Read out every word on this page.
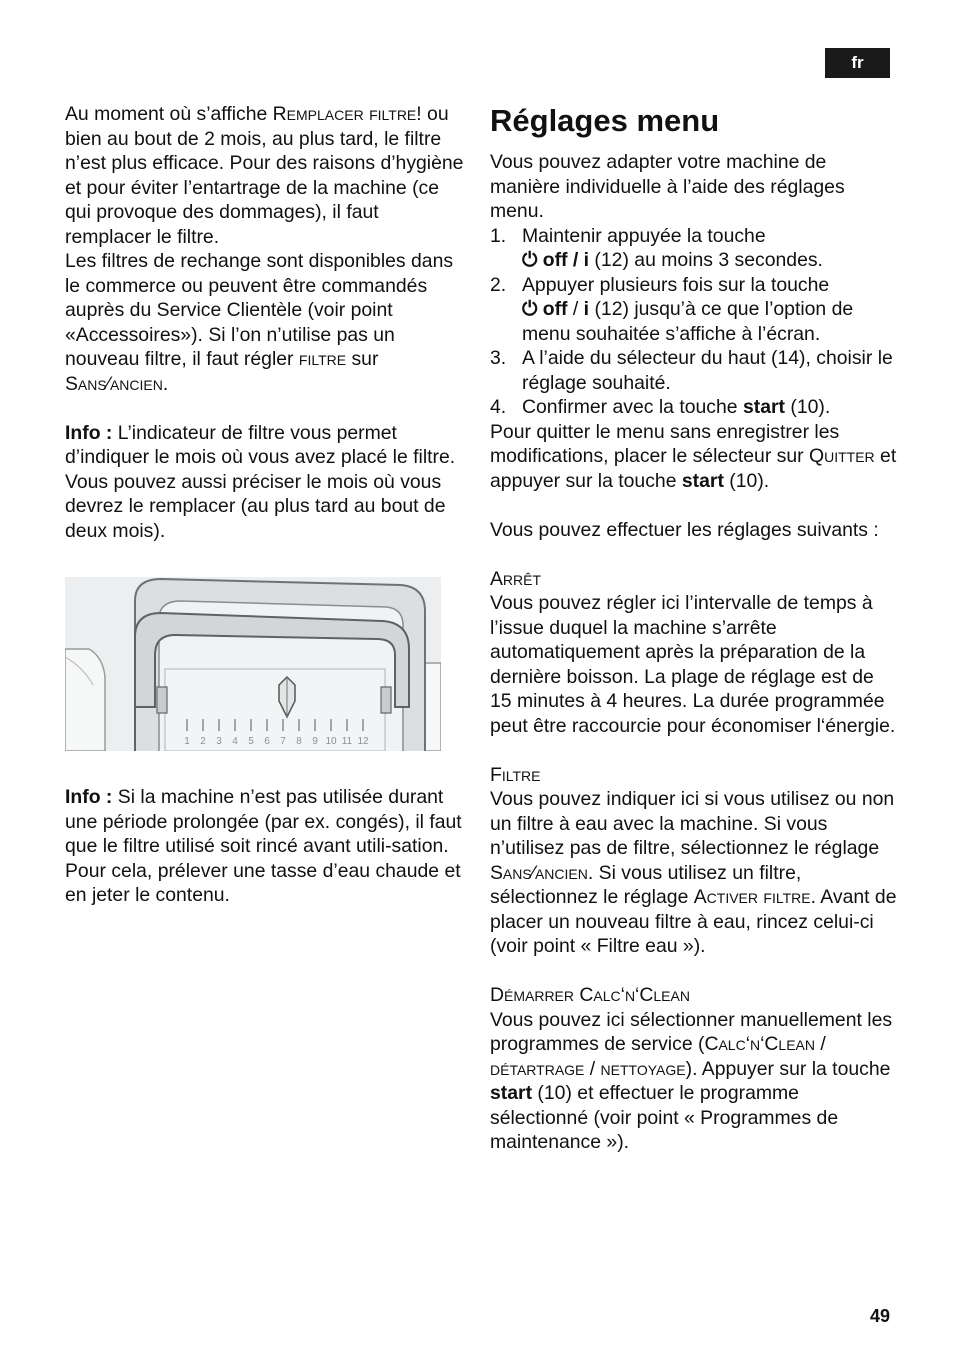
fr
Au moment où s’affiche Remplacer filtre! ou bien au bout de 2 mois, au plus tard, le filtre n’est plus efficace. Pour des raisons d’hygiène et pour éviter l’entartrage de la machine (ce qui provoque des dommages), il faut remplacer le filtre.
Les filtres de rechange sont disponibles dans le commerce ou peuvent être commandés auprès du Service Clientèle (voir point «Accessoires»). Si l’on n’utilise pas un nouveau filtre, il faut régler filtre sur Sans⁄ancien.
Info : L’indicateur de filtre vous permet d’indiquer le mois où vous avez placé le filtre. Vous pouvez aussi préciser le mois où vous devrez le remplacer (au plus tard au bout de deux mois).
1 2 3 4 5 6 7 8 9 10 11 12
Info : Si la machine n’est pas utilisée durant une période prolongée (par ex. congés), il faut que le filtre utilisé soit rincé avant utili-sation. Pour cela, prélever une tasse d’eau chaude et en jeter le contenu.
Réglages menu
Vous pouvez adapter votre machine de manière individuelle à l’aide des réglages menu.
1. Maintenir appuyée la touche
⏻ off / i (12) au moins 3 secondes.
2. Appuyer plusieurs fois sur la touche
⏻ off / i (12) jusqu’à ce que l’option de menu souhaitée s’affiche à l’écran.
3. A l’aide du sélecteur du haut (14), choisir le réglage souhaité.
4. Confirmer avec la touche start (10).
Pour quitter le menu sans enregistrer les modifications, placer le sélecteur sur Quitter et appuyer sur la touche start (10).
Vous pouvez effectuer les réglages suivants :
Arrêt
Vous pouvez régler ici l’intervalle de temps à l’issue duquel la machine s’arrête automatiquement après la préparation de la dernière boisson. La plage de réglage est de 15 minutes à 4 heures. La durée programmée peut être raccourcie pour économiser l‘énergie.
Filtre
Vous pouvez indiquer ici si vous utilisez ou non un filtre à eau avec la machine. Si vous n’utilisez pas de filtre, sélectionnez le réglage Sans⁄ancien. Si vous utilisez un filtre, sélectionnez le réglage Activer filtre. Avant de placer un nouveau filtre à eau, rincez celui-ci (voir point « Filtre eau »).
Démarrer Calc‘n‘Clean
Vous pouvez ici sélectionner manuellement les programmes de service (Calc‘n‘Clean / détartrage / nettoyage). Appuyer sur la touche start (10) et effectuer le programme sélectionné (voir point « Programmes de maintenance »).
49
